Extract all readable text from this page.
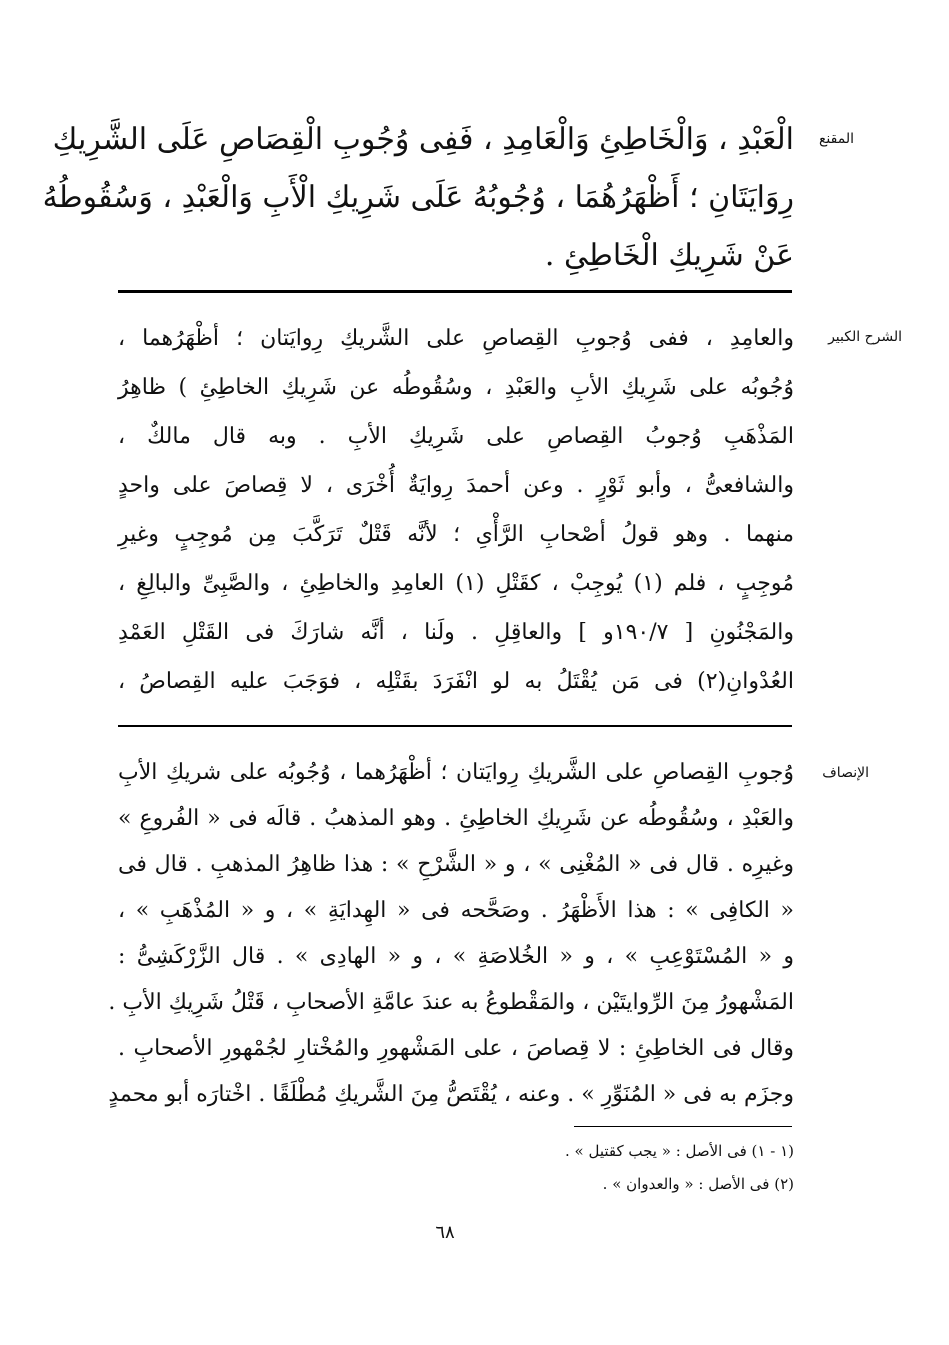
المقنع
الْعَبْدِ ، وَالْخَاطِئِ وَالْعَامِدِ ، فَفِى وُجُوبِ الْقِصَاصِ عَلَى الشَّرِيكِ
رِوَايَتَانِ ؛ أَظْهَرُهُمَا ، وُجُوبُهُ عَلَى شَرِيكِ الْأَبِ وَالْعَبْدِ ، وَسُقُوطُهُ
عَنْ شَرِيكِ الْخَاطِئِ .
الشرح الكبير
والعامِدِ ، ففى وُجوبِ القِصاصِ على الشَّريكِ رِوايَتان ؛ أظْهَرُهما ،
وُجُوبُه على شَرِيكِ الأبِ والعَبْدِ ، وسُقُوطُه عن شَرِيكِ الخاطِئِ ) ظاهِرُ
المَذْهَبِ وُجوبُ القِصاصِ على شَرِيكِ الأبِ . وبه قال مالكٌ ،
والشافعىُّ ، وأبو ثَوْرٍ . وعن أحمدَ رِوايَةٌ أُخْرَى ، لا قِصاصَ على واحدٍ
منهما . وهو قولُ أصْحابِ الرَّأْىِ ؛ لأنَّه قَتْلٌ تَرَكَّبَ مِن مُوجِبٍ وغيرِ
مُوجِبٍ ، فلم (١) يُوجِبْ ، كقَتْلِ (١) العامِدِ والخاطِئِ ، والصَّبِىِّ والبالِغِ ،
والمَجْنُونِ [ ١٩٠/٧و ] والعاقِلِ . ولَنا ، أنَّه شارَكَ فى القَتْلِ العَمْدِ
العُدْوانِ(٢) فى مَن يُقْتَلُ به لو انْفَرَدَ بقَتْلِه ، فوَجَبَ عليه القِصاصُ ،
الإنصاف
وُجوبِ القِصاصِ على الشَّريكِ رِوايَتان ؛ أظْهَرُهما ، وُجُوبُه على شريكِ الأبِ
والعَبْدِ ، وسُقُوطُه عن شَرِيكِ الخاطِئِ . وهو المذهبُ . قالَه فى « الفُروعِ »
وغيرِه . قال فى « المُغْنِى » ، و « الشَّرْحِ » : هذا ظاهِرُ المذهبِ . قال فى
« الكافِى » : هذا الأَظْهَرُ . وصَحَّحه فى « الهِدايَةِ » ، و « المُذْهَبِ » ،
و « المُسْتَوْعِبِ » ، و « الخُلاصَةِ » ، و « الهادِى » . قال الزَّرْكَشِىُّ :
المَشْهورُ مِنَ الرِّوايتَيْن ، والمَقْطوعُ به عندَ عامَّةِ الأصحابِ ، قَتْلُ شَرِيكِ الأبِ .
وقال فى الخاطِئِ : لا قِصاصَ ، على المَشْهورِ والمُخْتارِ لجُمْهورِ الأصحابِ .
وجزَم به فى « المُنَوِّرِ » . وعنه ، يُقْتَصُّ مِنَ الشَّريكِ مُطْلَقًا . اخْتارَه أبو محمدٍ
(١ - ١) فى الأصل : « يجب كقتيل » .
(٢) فى الأصل : « والعدوان » .
٦٨
